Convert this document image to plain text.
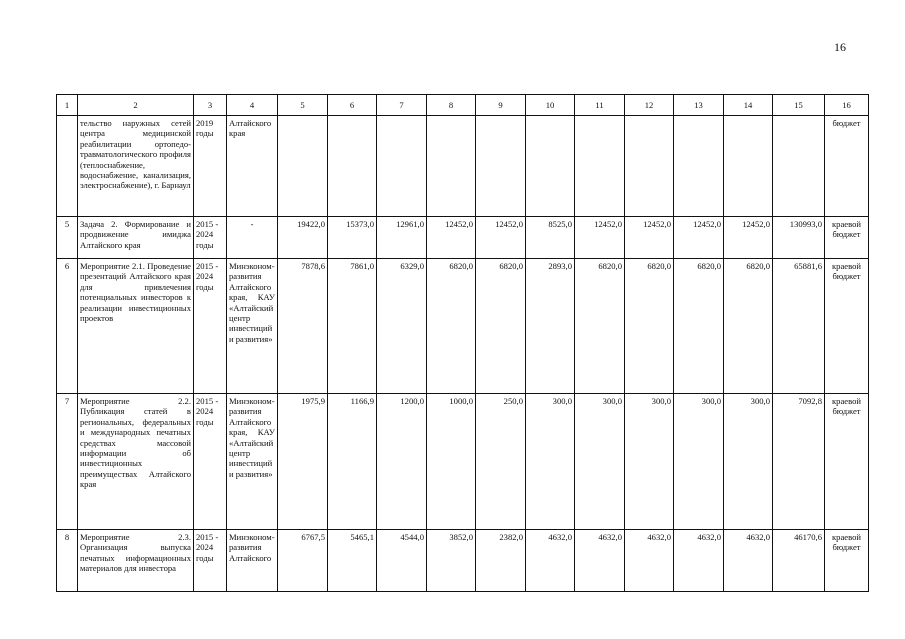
16
1	2	3	4	5	6	7	8	9	10	11	12	13	14	15	16
	тельство наружных сетей центра медицинской реабилитации ортопедо-травматологического профиля (теплоснабжение, водоснабжение, канализация, электроснабжение), г. Барнаул	2019 годы	Алтайского края												бюджет
5	Задача 2. Формирование и продвижение имиджа Алтайского края	2015 - 2024 годы	-	19422,0	15373,0	12961,0	12452,0	12452,0	8525,0	12452,0	12452,0	12452,0	12452,0	130993,0	краевой бюджет
6	Мероприятие 2.1. Проведение презентаций Алтайского края для привлечения потенциальных инвесторов к реализации инвестиционных проектов	2015 - 2024 годы	Минэконом-развития Алтайского края, КАУ «Алтайский центр инвестиций и развития»	7878,6	7861,0	6329,0	6820,0	6820,0	2893,0	6820,0	6820,0	6820,0	6820,0	65881,6	краевой бюджет
7	Мероприятие 2.2. Публикация статей в региональных, федеральных и международных печатных средствах массовой информации об инвестиционных преимуществах Алтайского края	2015 - 2024 годы	Минэконом-развития Алтайского края, КАУ «Алтайский центр инвестиций и развития»	1975,9	1166,9	1200,0	1000,0	250,0	300,0	300,0	300,0	300,0	300,0	7092,8	краевой бюджет
8	Мероприятие 2.3. Организация выпуска печатных информационных материалов для инвестора	2015 - 2024 годы	Минэконом-развития Алтайского	6767,5	5465,1	4544,0	3852,0	2382,0	4632,0	4632,0	4632,0	4632,0	4632,0	46170,6	краевой бюджет
